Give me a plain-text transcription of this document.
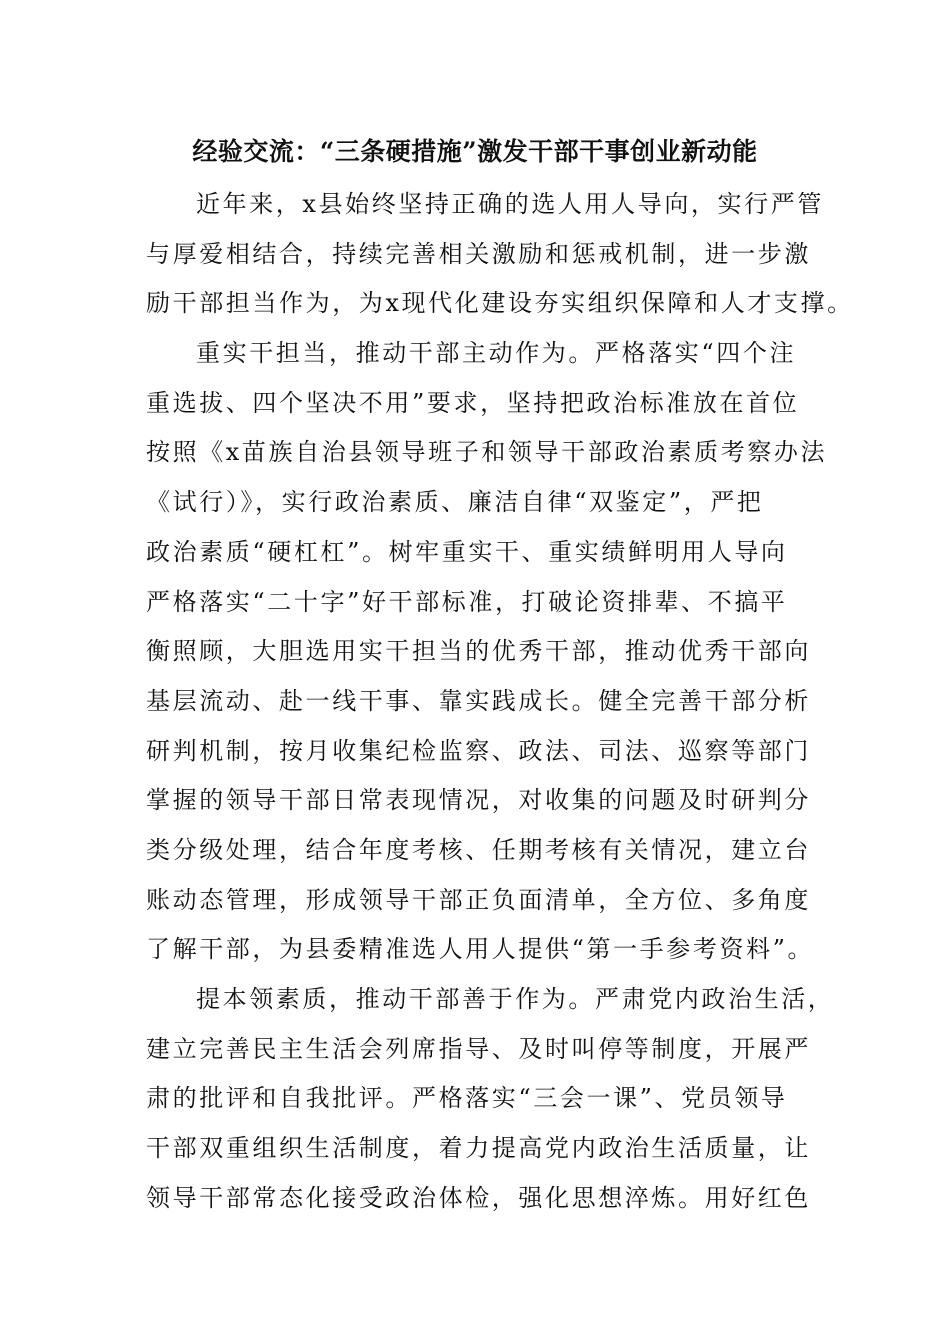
经验交流：“三条硬措施”激发干部干事创业新动能
近年来，x县始终坚持正确的选人用人导向，实行严管
与厚爱相结合，持续完善相关激励和惩戒机制，进一步激
励干部担当作为，为x现代化建设夯实组织保障和人才支撑。
重实干担当，推动干部主动作为。严格落实“四个注
重选拔、四个坚决不用”要求，坚持把政治标准放在首位
按照《x苗族自治县领导班子和领导干部政治素质考察办法
《试行）》，实行政治素质、廉洁自律“双鉴定”，严把
政治素质“硬杠杠”。树牢重实干、重实绩鲜明用人导向
严格落实“二十字”好干部标准，打破论资排辈、不搞平
衡照顾，大胆选用实干担当的优秀干部，推动优秀干部向
基层流动、赴一线干事、靠实践成长。健全完善干部分析
研判机制，按月收集纪检监察、政法、司法、巡察等部门
掌握的领导干部日常表现情况，对收集的问题及时研判分
类分级处理，结合年度考核、任期考核有关情况，建立台
账动态管理，形成领导干部正负面清单，全方位、多角度
了解干部，为县委精准选人用人提供“第一手参考资料”。
提本领素质，推动干部善于作为。严肃党内政治生活，
建立完善民主生活会列席指导、及时叫停等制度，开展严
肃的批评和自我批评。严格落实“三会一课”、党员领导
干部双重组织生活制度，着力提高党内政治生活质量，让
领导干部常态化接受政治体检，强化思想淬炼。用好红色
